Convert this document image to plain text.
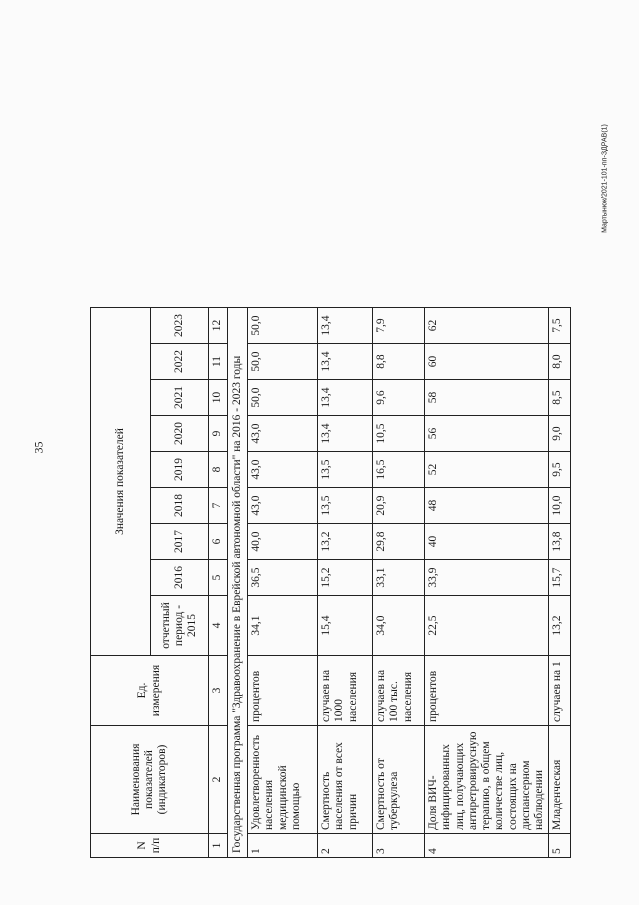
35
Мартынюк/2021-101-пп-ЗДРАВ(1)
N п/п	Наименования показателей (индикаторов)	Ед. измерения	Значения показателей								
			отчетный период - 2015	2016	2017	2018	2019	2020	2021	2022	2023
1	2	3	4	5	6	7	8	9	10	11	12
Государственная программа "Здравоохранение в Еврейской автономной области" на 2016 - 2023 годы											
1	Удовлетворенность населения медицинской помощью	процентов	34,1	36,5	40,0	43,0	43,0	43,0	50,0	50,0	50,0
2	Смертность населения от всех причин	случаев на 1000 населения	15,4	15,2	13,2	13,5	13,5	13,4	13,4	13,4	13,4
3	Смертность от туберкулеза	случаев на 100 тыс. населения	34,0	33,1	29,8	20,9	16,5	10,5	9,6	8,8	7,9
4	Доля ВИЧ-инфицированных лиц, получающих антиретровирусную терапию, в общем количестве лиц, состоящих на диспансерном наблюдении	процентов	22,5	33,9	40	48	52	56	58	60	62
5	Младенческая	случаев на 1	13,2	15,7	13,8	10,0	9,5	9,0	8,5	8,0	7,5
